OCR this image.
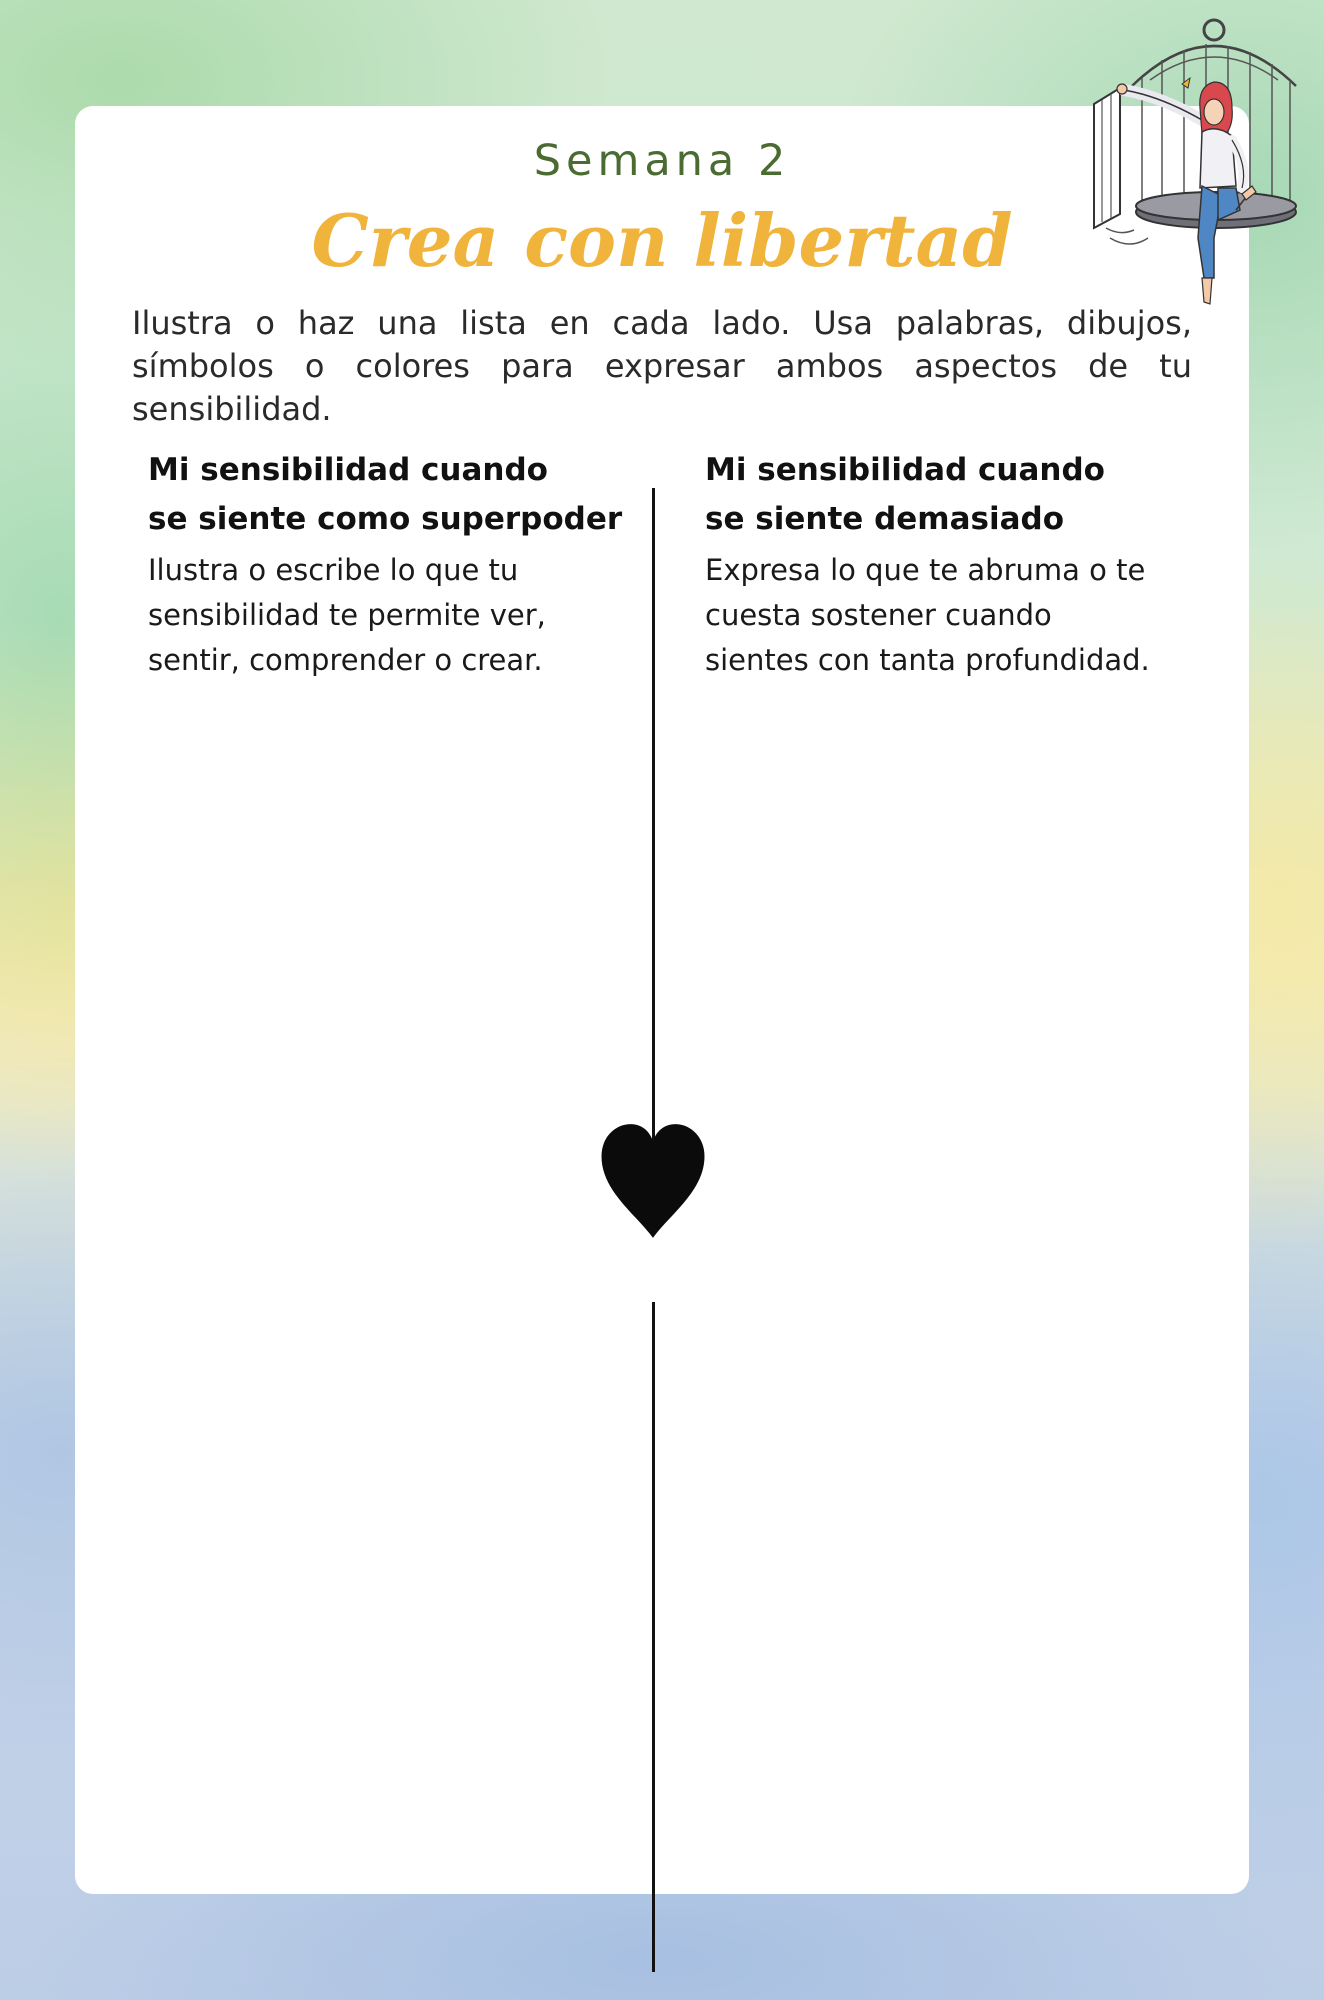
Semana 2
Crea con libertad
Ilustra o haz una lista en cada lado. Usa palabras, dibujos, símbolos o colores para expresar ambos aspectos de tu sensibilidad.
Mi sensibilidad cuando
se siente como superpoder
Ilustra o escribe lo que tu
sensibilidad te permite ver,
sentir, comprender o crear.
Mi sensibilidad cuando
se siente demasiado
Expresa lo que te abruma o te
cuesta sostener cuando
sientes con tanta profundidad.
